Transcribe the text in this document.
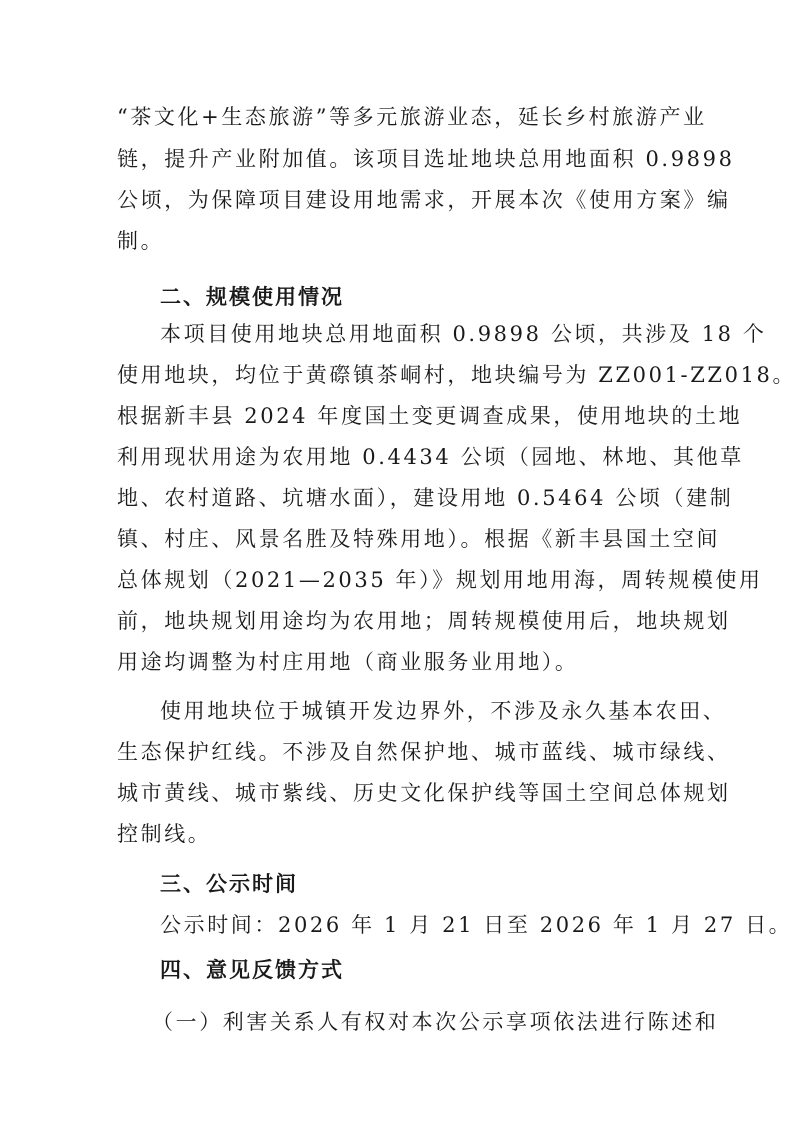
“茶文化+生态旅游”等多元旅游业态，延长乡村旅游产业
链，提升产业附加值。该项目选址地块总用地面积 0.9898
公顷，为保障项目建设用地需求，开展本次《使用方案》编
制。
二、规模使用情况
本项目使用地块总用地面积 0.9898 公顷，共涉及 18 个
使用地块，均位于黄磜镇茶峒村，地块编号为 ZZ001-ZZ018。
根据新丰县 2024 年度国土变更调查成果，使用地块的土地
利用现状用途为农用地 0.4434 公顷（园地、林地、其他草
地、农村道路、坑塘水面），建设用地 0.5464 公顷（建制
镇、村庄、风景名胜及特殊用地）。根据《新丰县国土空间
总体规划（2021—2035 年）》规划用地用海，周转规模使用
前，地块规划用途均为农用地；周转规模使用后，地块规划
用途均调整为村庄用地（商业服务业用地）。
使用地块位于城镇开发边界外，不涉及永久基本农田、
生态保护红线。不涉及自然保护地、城市蓝线、城市绿线、
城市黄线、城市紫线、历史文化保护线等国土空间总体规划
控制线。
三、公示时间
公示时间：2026 年 1 月 21 日至 2026 年 1 月 27 日。
四、意见反馈方式
（一）利害关系人有权对本次公示享项依法进行陈述和
